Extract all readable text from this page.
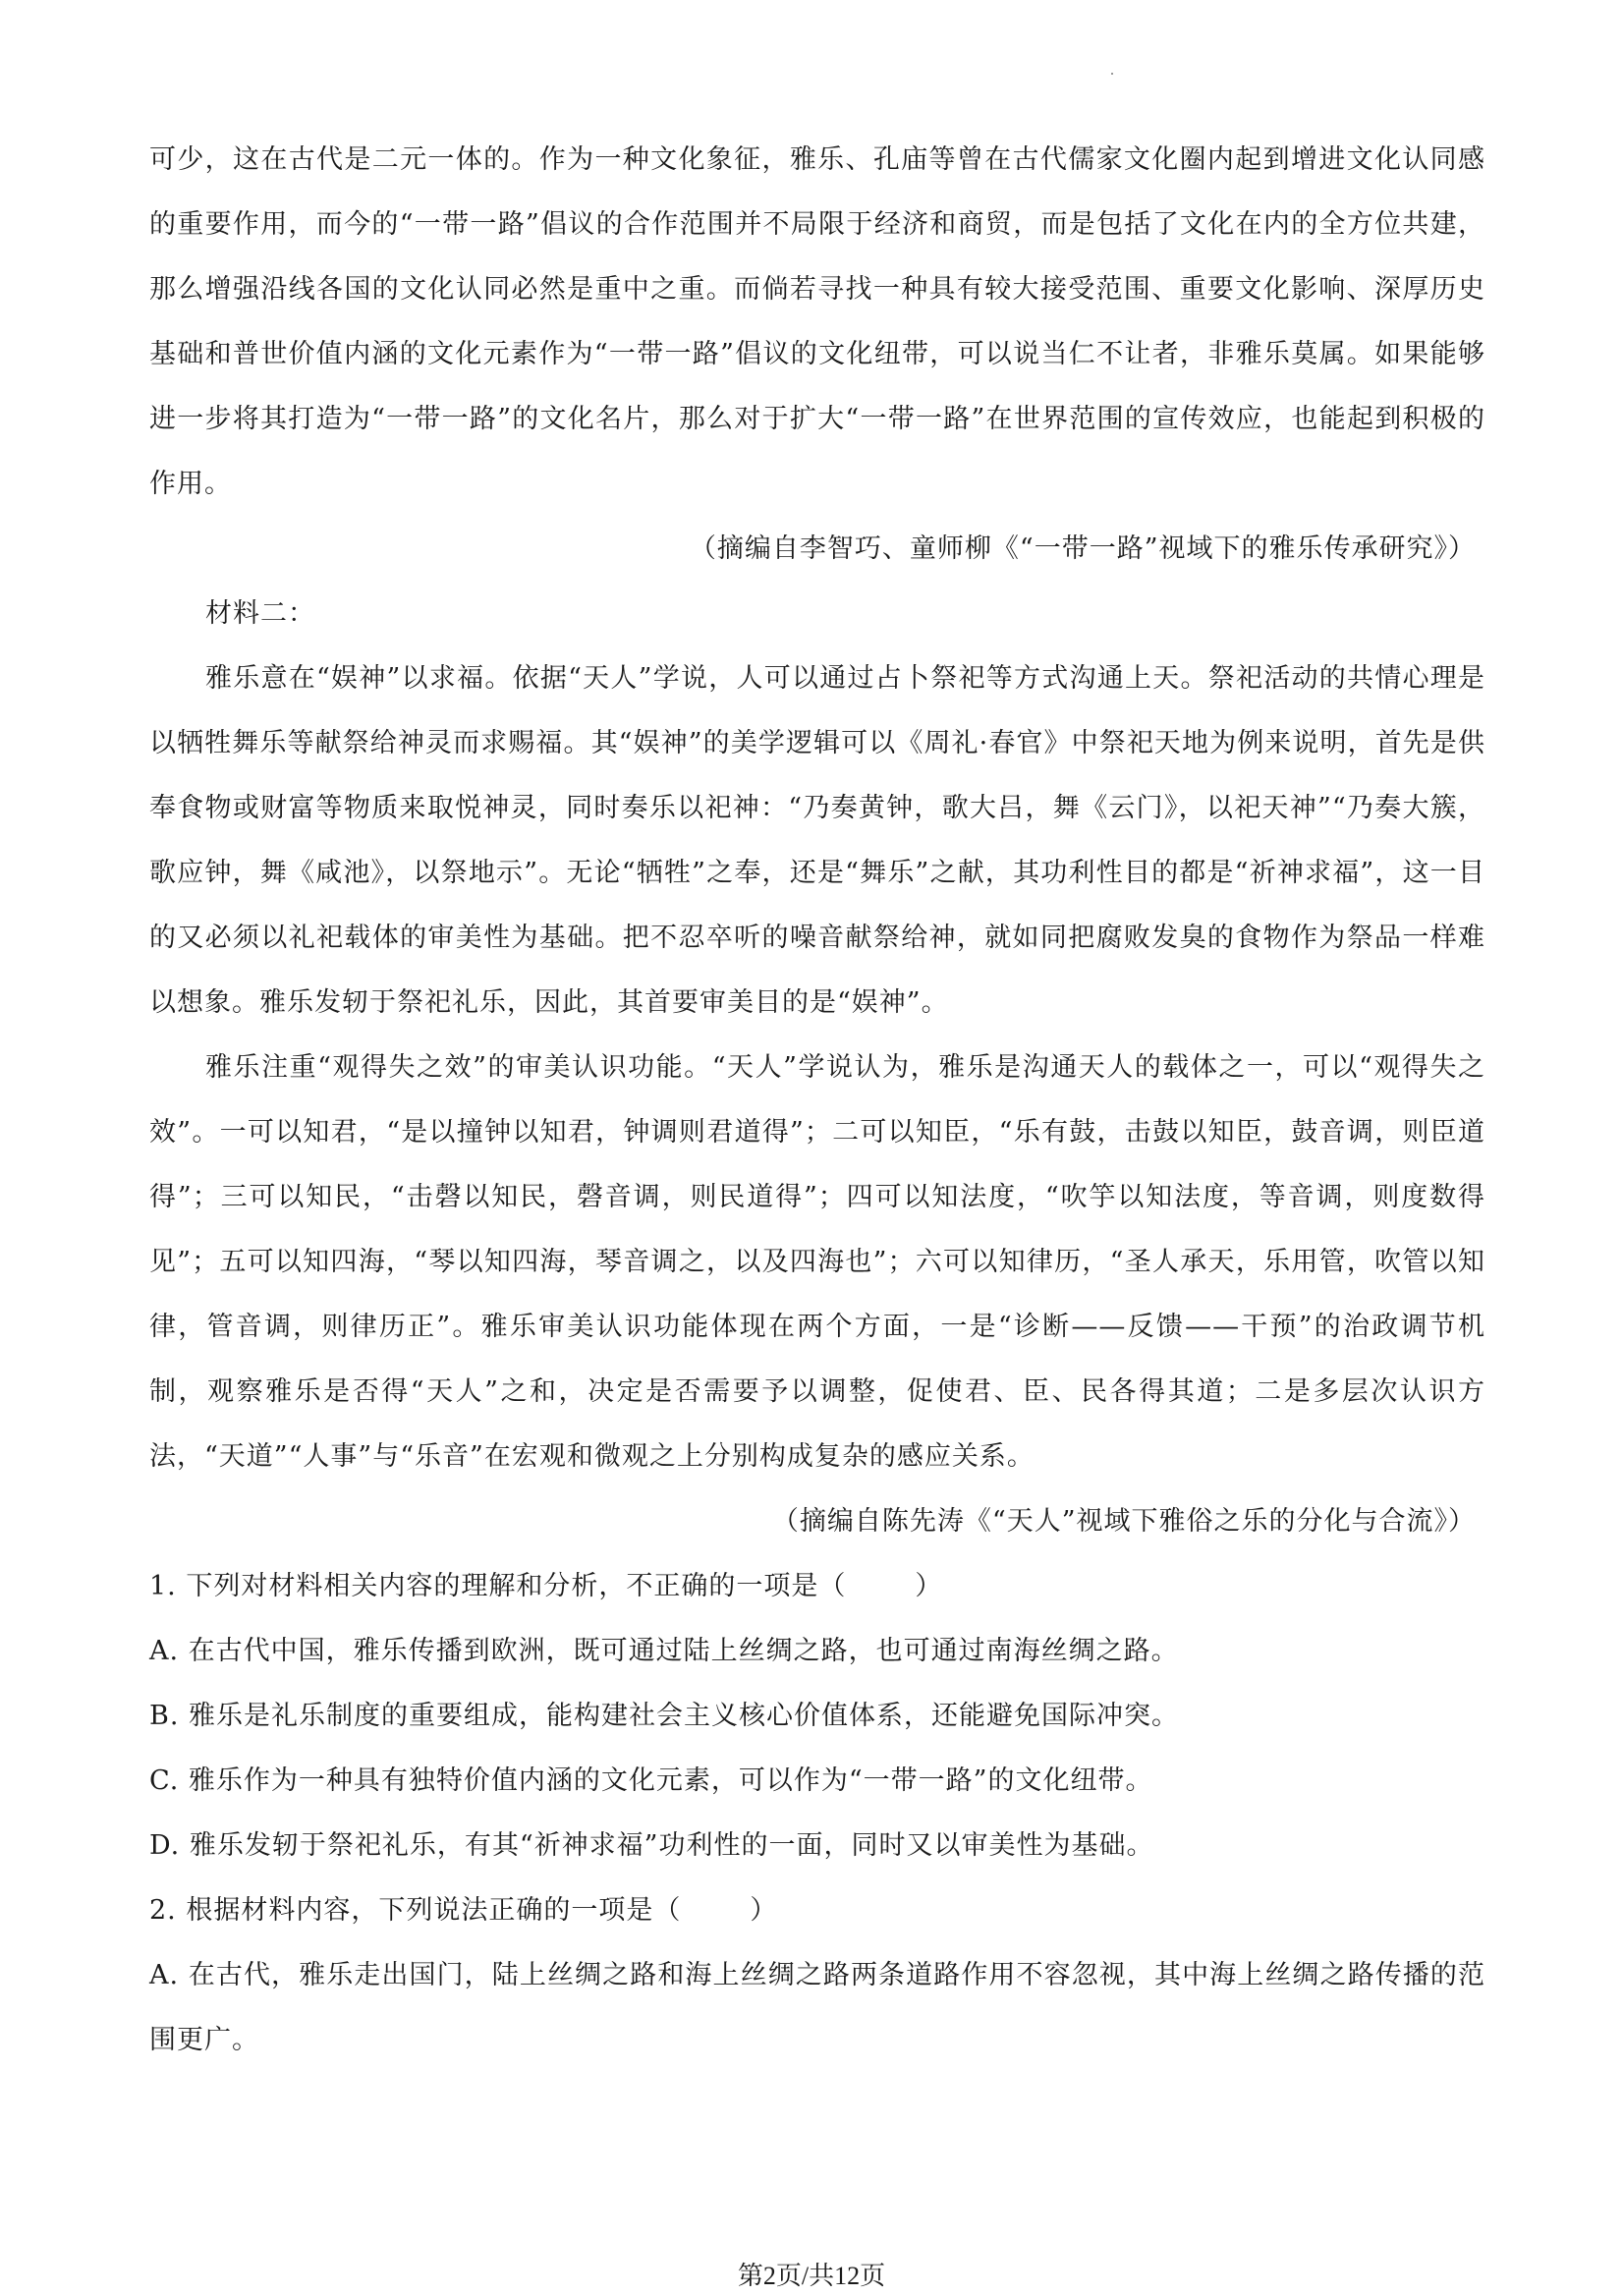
可少，这在古代是二元一体的。作为一种文化象征，雅乐、孔庙等曾在古代儒家文化圈内起到增进文化认同感的重要作用，而今的“一带一路”倡议的合作范围并不局限于经济和商贸，而是包括了文化在内的全方位共建，那么增强沿线各国的文化认同必然是重中之重。而倘若寻找一种具有较大接受范围、重要文化影响、深厚历史基础和普世价值内涵的文化元素作为“一带一路”倡议的文化纽带，可以说当仁不让者，非雅乐莫属。如果能够进一步将其打造为“一带一路”的文化名片，那么对于扩大“一带一路”在世界范围的宣传效应，也能起到积极的作用。

（摘编自李智巧、童师柳《“一带一路”视域下的雅乐传承研究》）

材料二：

雅乐意在“娱神”以求福。依据“天人”学说，人可以通过占卜祭祀等方式沟通上天。祭祀活动的共情心理是以牺牲舞乐等献祭给神灵而求赐福。其“娱神”的美学逻辑可以《周礼·春官》中祭祀天地为例来说明，首先是供奉食物或财富等物质来取悦神灵，同时奏乐以祀神：“乃奏黄钟，歌大吕，舞《云门》，以祀天神”“乃奏大簇，歌应钟，舞《咸池》，以祭地示”。无论“牺牲”之奉，还是“舞乐”之献，其功利性目的都是“祈神求福”，这一目的又必须以礼祀载体的审美性为基础。把不忍卒听的噪音献祭给神，就如同把腐败发臭的食物作为祭品一样难以想象。雅乐发轫于祭祀礼乐，因此，其首要审美目的是“娱神”。

雅乐注重“观得失之效”的审美认识功能。“天人”学说认为，雅乐是沟通天人的载体之一，可以“观得失之效”。一可以知君，“是以撞钟以知君，钟调则君道得”；二可以知臣，“乐有鼓，击鼓以知臣，鼓音调，则臣道得”；三可以知民，“击磬以知民，磬音调，则民道得”；四可以知法度，“吹竽以知法度，等音调，则度数得见”；五可以知四海，“琴以知四海，琴音调之，以及四海也”；六可以知律历，“圣人承天，乐用管，吹管以知律，管音调，则律历正”。雅乐审美认识功能体现在两个方面，一是“诊断——反馈——干预”的治政调节机制，观察雅乐是否得“天人”之和，决定是否需要予以调整，促使君、臣、民各得其道；二是多层次认识方法，“天道”“人事”与“乐音”在宏观和微观之上分别构成复杂的感应关系。

（摘编自陈先涛《“天人”视域下雅俗之乐的分化与合流》）

1. 下列对材料相关内容的理解和分析，不正确的一项是（	）

A. 在古代中国，雅乐传播到欧洲，既可通过陆上丝绸之路，也可通过南海丝绸之路。

B. 雅乐是礼乐制度的重要组成，能构建社会主义核心价值体系，还能避免国际冲突。

C. 雅乐作为一种具有独特价值内涵的文化元素，可以作为“一带一路”的文化纽带。

D. 雅乐发轫于祭祀礼乐，有其“祈神求福”功利性的一面，同时又以审美性为基础。

2. 根据材料内容，下列说法正确的一项是（	）

A. 在古代，雅乐走出国门，陆上丝绸之路和海上丝绸之路两条道路作用不容忽视，其中海上丝绸之路传播的范围更广。

第2页/共12页
